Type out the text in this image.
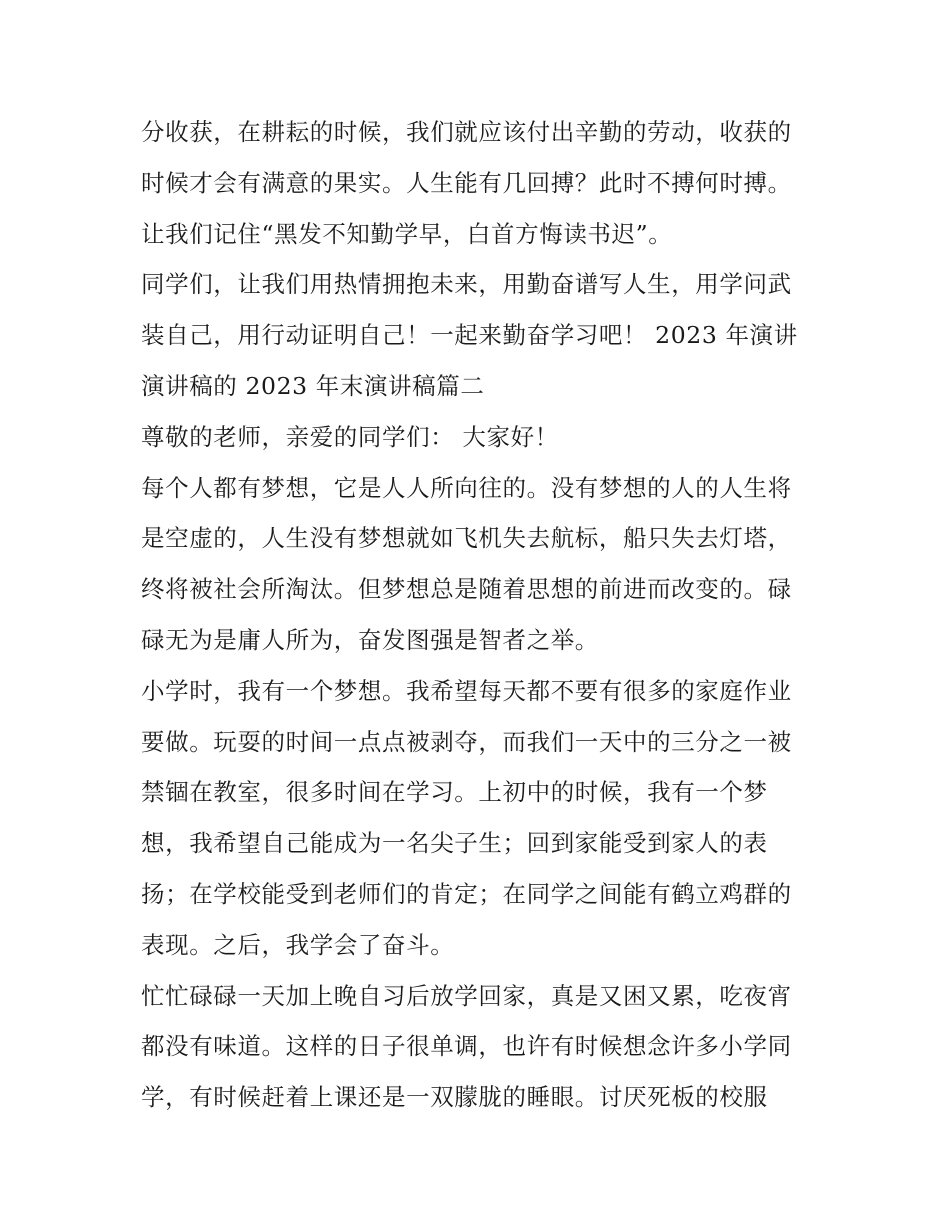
分收获，在耕耘的时候，我们就应该付出辛勤的劳动，收获的
时候才会有满意的果实。人生能有几回搏？此时不搏何时搏。
让我们记住“黑发不知勤学早，白首方悔读书迟”。
同学们，让我们用热情拥抱未来，用勤奋谱写人生，用学问武
装自己，用行动证明自己！一起来勤奋学习吧！ 2023 年演讲
演讲稿的 2023 年末演讲稿篇二
尊敬的老师，亲爱的同学们： 大家好！
每个人都有梦想，它是人人所向往的。没有梦想的人的人生将
是空虚的，人生没有梦想就如飞机失去航标，船只失去灯塔，
终将被社会所淘汰。但梦想总是随着思想的前进而改变的。碌
碌无为是庸人所为，奋发图强是智者之举。
小学时，我有一个梦想。我希望每天都不要有很多的家庭作业
要做。玩耍的时间一点点被剥夺，而我们一天中的三分之一被
禁锢在教室，很多时间在学习。上初中的时候，我有一个梦
想，我希望自己能成为一名尖子生；回到家能受到家人的表
扬；在学校能受到老师们的肯定；在同学之间能有鹤立鸡群的
表现。之后，我学会了奋斗。
忙忙碌碌一天加上晚自习后放学回家，真是又困又累，吃夜宵
都没有味道。这样的日子很单调，也许有时候想念许多小学同
学，有时候赶着上课还是一双朦胧的睡眼。讨厌死板的校服
